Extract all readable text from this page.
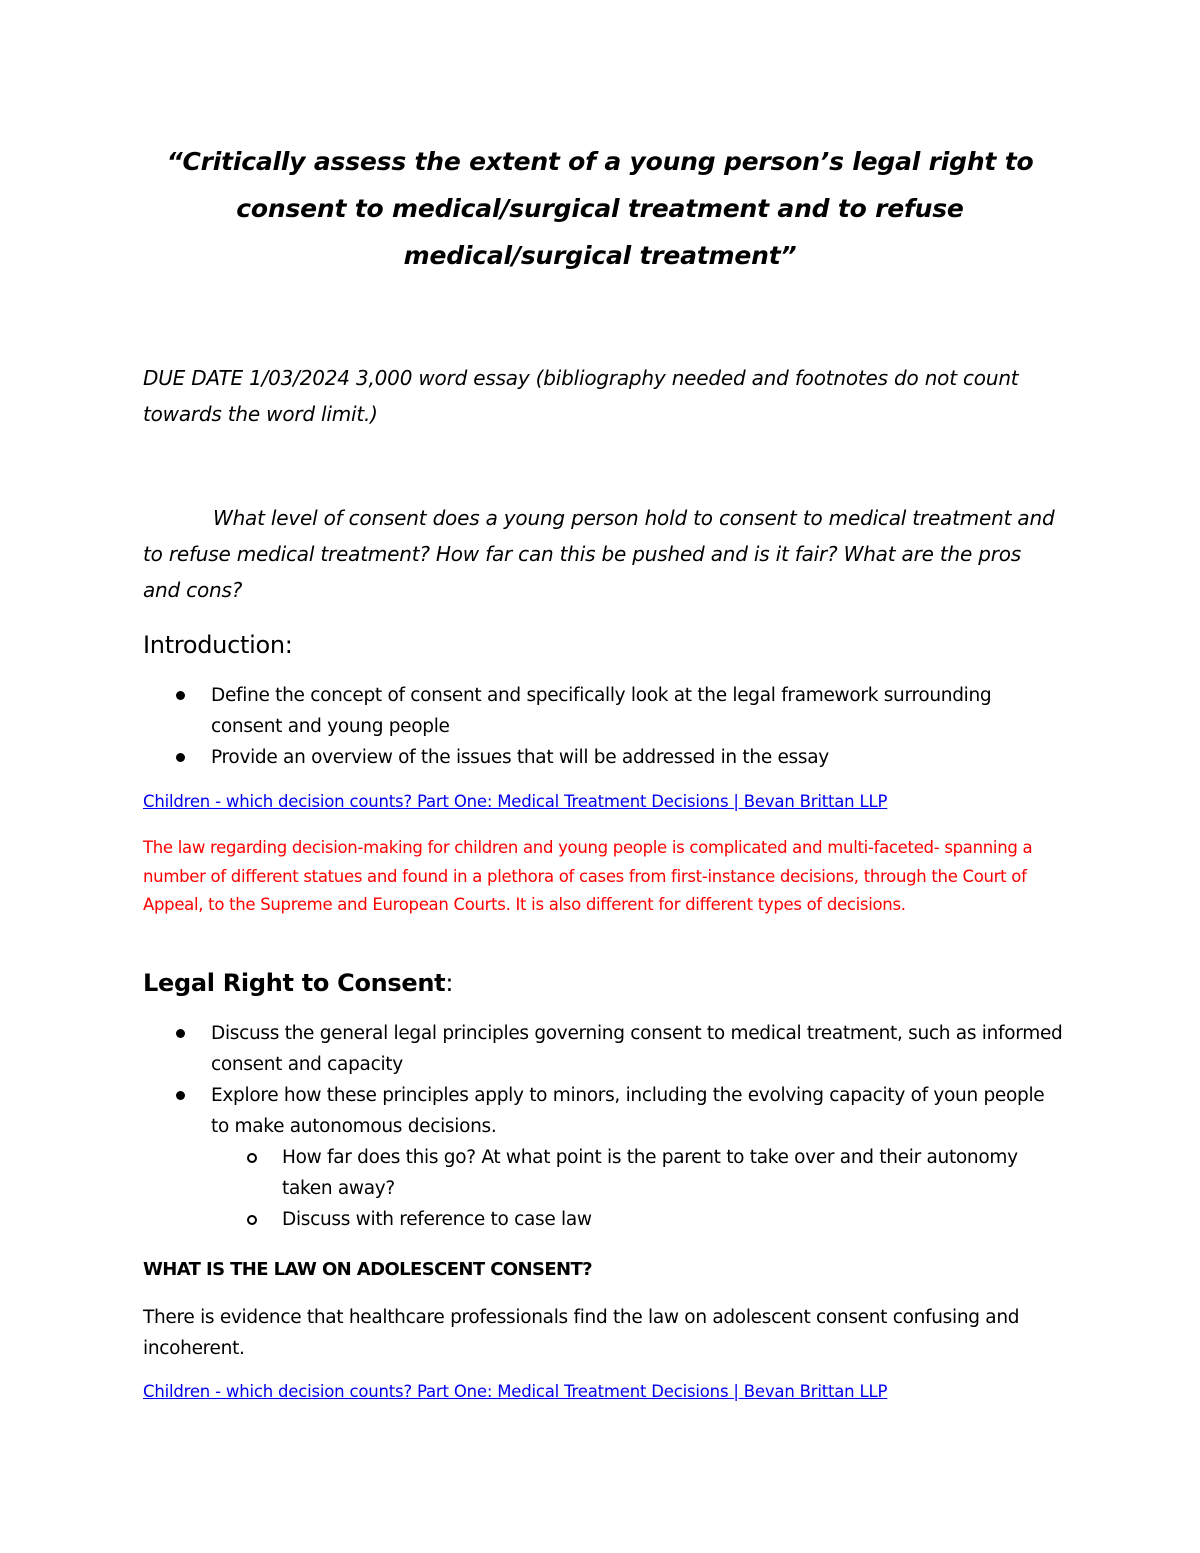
“Critically assess the extent of a young person’s legal right to consent to medical/surgical treatment and to refuse medical/surgical treatment”
DUE DATE 1/03/2024 3,000 word essay (bibliography needed and footnotes do not count towards the word limit.)
What level of consent does a young person hold to consent to medical treatment and to refuse medical treatment? How far can this be pushed and is it fair? What are the pros and cons?
Introduction:
Define the concept of consent and specifically look at the legal framework surrounding consent and young people
Provide an overview of the issues that will be addressed in the essay
Children - which decision counts? Part One: Medical Treatment Decisions | Bevan Brittan LLP
The law regarding decision-making for children and young people is complicated and multi-faceted- spanning a number of different statues and found in a plethora of cases from first-instance decisions, through the Court of Appeal, to the Supreme and European Courts. It is also different for different types of decisions.
Legal Right to Consent:
Discuss the general legal principles governing consent to medical treatment, such as informed consent and capacity
Explore how these principles apply to minors, including the evolving capacity of youn people to make autonomous decisions.
How far does this go? At what point is the parent to take over and their autonomy taken away?
Discuss with reference to case law
WHAT IS THE LAW ON ADOLESCENT CONSENT?
There is evidence that healthcare professionals find the law on adolescent consent confusing and incoherent.
Children - which decision counts? Part One: Medical Treatment Decisions | Bevan Brittan LLP
